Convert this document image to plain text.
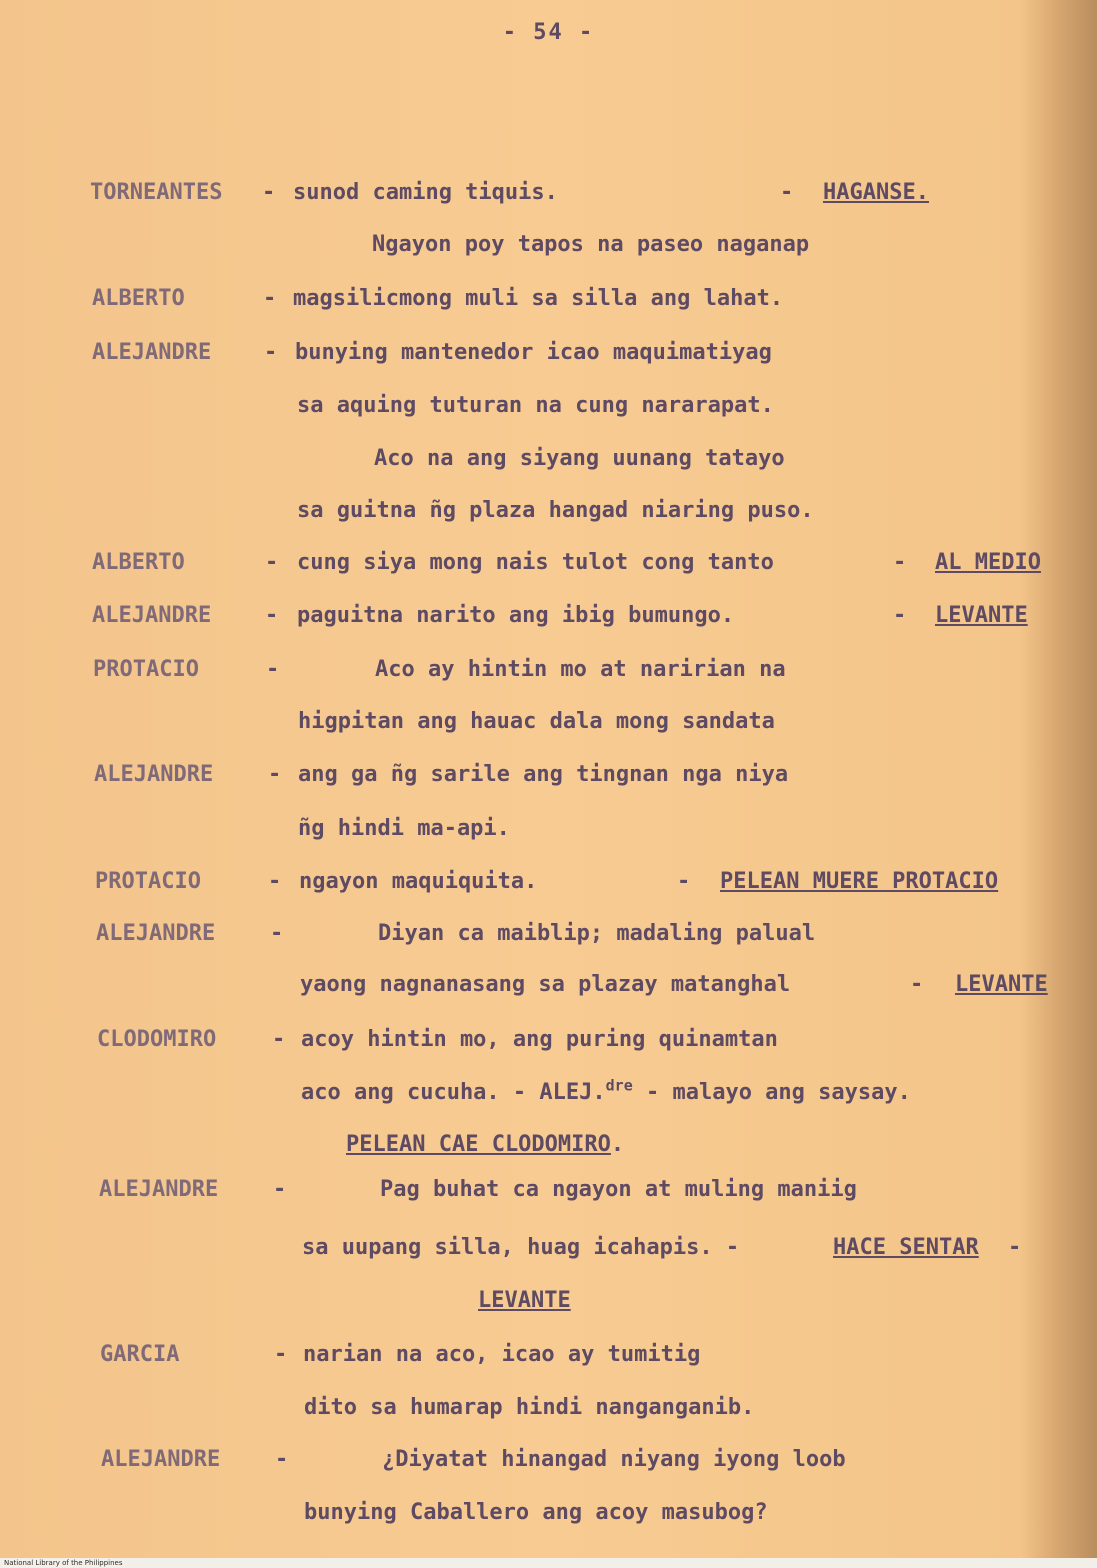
- 54 -
TORNEANTES - sunod caming tiquis.	- HAGANSE.
Ngayon poy tapos na paseo naganap
ALBERTO	- magsilicmong muli sa silla ang lahat.
ALEJANDRE - bunying mantenedor icao maquimatiyag
sa aquing tuturan na cung nararapat.
Aco na ang siyang uunang tatayo
sa guitna ñg plaza hangad niaring puso.
ALBERTO	- cung siya mong nais tulot cong tanto	- AL MEDIO
ALEJANDRE - paguitna narito ang ibig bumungo.	- LEVANTE
PROTACIO	-	Aco ay hintin mo at naririan na
higpitan ang hauac dala mong sandata
ALEJANDRE - ang ga ñg sarile ang tingnan nga niya
ñg hindi ma-api.
PROTACIO	- ngayon maquiquita.	- PELEAN MUERE PROTACIO
ALEJANDRE -	Diyan ca maiblip; madaling palual
yaong nagnanasang sa plazay matanghal	- LEVANTE
CLODOMIRO	- acoy hintin mo, ang puring quinamtan
aco ang cucuha. - ALEJ.$^{dre}$ - malayo ang saysay.
PELEAN CAE CLODOMIRO.
ALEJANDRE -	Pag buhat ca ngayon at muling maniig
sa uupang silla, huag icahapis. -	HACE SENTAR -
LEVANTE
GARCIA	- narian na aco, icao ay tumitig
dito sa humarap hindi nanganganib.
ALEJANDRE -	¿Diyatat hinangad niyang iyong loob
bunying Caballero ang acoy masubog?
National Library of the Philippines
